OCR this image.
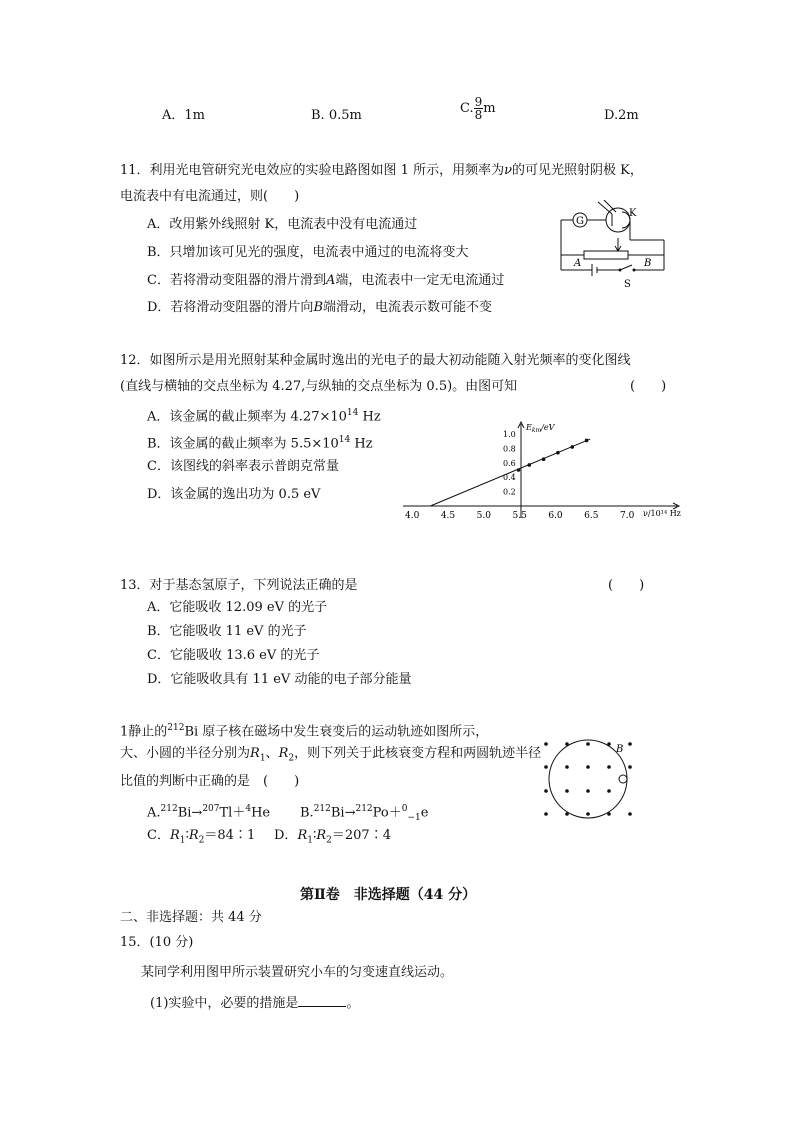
A．1m	B. 0.5m	C. $\frac{9}{8}$ m	D.2m
11．利用光电管研究光电效应的实验电路图如图 1 所示，用频率为ν的可见光照射阴极 K，
电流表中有电流通过，则(　　)
A．改用紫外线照射 K，电流表中没有电流通过
B．只增加该可见光的强度，电流表中通过的电流将变大
C．若将滑动变阻器的滑片滑到A端，电流表中一定无电流通过
D．若将滑动变阻器的滑片向B端滑动，电流表示数可能不变
G
K
A	B
S
12．如图所示是用光照射某种金属时逸出的光电子的最大初动能随入射光频率的变化图线
(直线与横轴的交点坐标为 4.27,与纵轴的交点坐标为 0.5)。由图可知	(　　)
A．该金属的截止频率为 $4.27\times 10^{14}$ Hz
B．该金属的截止频率为 $5.5\times 10^{14}$ Hz
C．该图线的斜率表示普朗克常量
D．该金属的逸出功为 0.5 eV
4.0 4.5 5.0 5.5 6.0 6.5 7.0
0.2
0.4
0.6
0.8
1.0
$E_{km}/eV$
ν/10¹⁴ Hz
13．对于基态氢原子，下列说法正确的是	(　　)
A．它能吸收 12.09 eV 的光子
B．它能吸收 11 eV 的光子
C．它能吸收 13.6 eV 的光子
D．它能吸收具有 11 eV 动能的电子部分能量
1静止的$^{212}$Bi 原子核在磁场中发生衰变后的运动轨迹如图所示，
大、小圆的半径分别为$R_1$、$R_2$，则下列关于此核衰变方程和两圆轨迹半径
比值的判断中正确的是　(　　)
A.$^{212}$Bi→$^{207}$Tl＋$^4$He B.$^{212}$Bi→$^{212}$Po＋$^0_{-1}$e
C．$R_1∶R_2=84∶1$ D．$R_1∶R_2=207∶4$
B
第Ⅱ卷　非选择题（44 分）
二、非选择题：共 44 分
15．(10 分)
某同学利用图甲所示装置研究小车的匀变速直线运动。
(1)实验中，必要的措施是	。
